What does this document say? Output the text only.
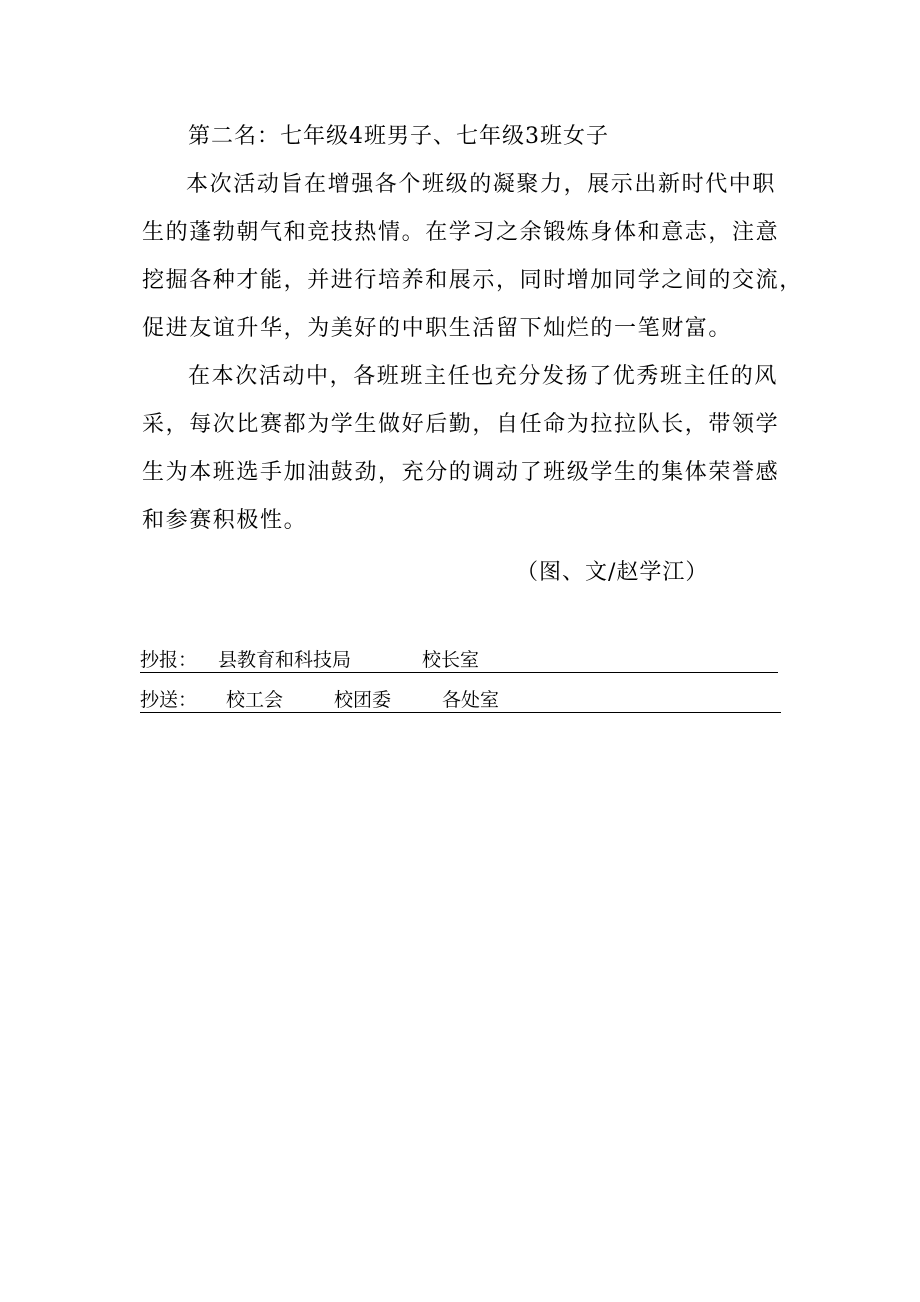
第二名：七年级4班男子、七年级3班女子
本次活动旨在增强各个班级的凝聚力，展示出新时代中职
生的蓬勃朝气和竞技热情。在学习之余锻炼身体和意志，注意
挖掘各种才能，并进行培养和展示，同时增加同学之间的交流，
促进友谊升华，为美好的中职生活留下灿烂的一笔财富。
在本次活动中，各班班主任也充分发扬了优秀班主任的风
采，每次比赛都为学生做好后勤，自任命为拉拉队长，带领学
生为本班选手加油鼓劲，充分的调动了班级学生的集体荣誉感
和参赛积极性。
（图、文/赵学江）
抄报： 县教育和科技局	校长室
抄送： 校工会	校团委	各处室
